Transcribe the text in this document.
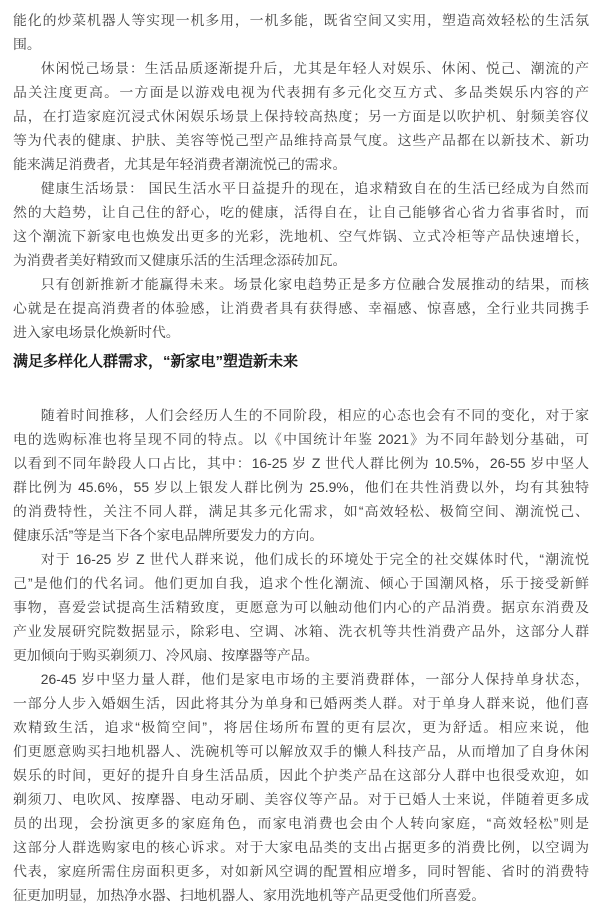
能化的炒菜机器人等实现一机多用，一机多能，既省空间又实用，塑造高效轻松的生活氛
围。
休闲悦己场景：生活品质逐渐提升后，尤其是年轻人对娱乐、休闲、悦己、潮流的产
品关注度更高。一方面是以游戏电视为代表拥有多元化交互方式、多品类娱乐内容的产
品，在打造家庭沉浸式休闲娱乐场景上保持较高热度；另一方面是以吹护机、射频美容仪
等为代表的健康、护肤、美容等悦己型产品维持高景气度。这些产品都在以新技术、新功
能来满足消费者，尤其是年轻消费者潮流悦己的需求。
健康生活场景： 国民生活水平日益提升的现在，追求精致自在的生活已经成为自然而
然的大趋势，让自己住的舒心，吃的健康，活得自在，让自己能够省心省力省事省时，而
这个潮流下新家电也焕发出更多的光彩，洗地机、空气炸锅、立式冷柜等产品快速增长，
为消费者美好精致而又健康乐活的生活理念添砖加瓦。
只有创新推新才能赢得未来。场景化家电趋势正是多方位融合发展推动的结果，而核
心就是在提高消费者的体验感，让消费者具有获得感、幸福感、惊喜感，全行业共同携手
进入家电场景化焕新时代。
满足多样化人群需求，“新家电”塑造新未来
随着时间推移，人们会经历人生的不同阶段，相应的心态也会有不同的变化，对于家
电的选购标准也将呈现不同的特点。以《中国统计年鉴 2021》为不同年龄划分基础，可
以看到不同年龄段人口占比，其中：16-25 岁 Z 世代人群比例为 10.5%，26-55 岁中坚人
群比例为 45.6%，55 岁以上银发人群比例为 25.9%，他们在共性消费以外，均有其独特
的消费特性，关注不同人群，满足其多元化需求，如“高效轻松、极简空间、潮流悦己、
健康乐活”等是当下各个家电品牌所要发力的方向。
对于 16-25 岁 Z 世代人群来说，他们成长的环境处于完全的社交媒体时代，“潮流悦
己”是他们的代名词。他们更加自我，追求个性化潮流、倾心于国潮风格，乐于接受新鲜
事物，喜爱尝试提高生活精致度，更愿意为可以触动他们内心的产品消费。据京东消费及
产业发展研究院数据显示，除彩电、空调、冰箱、洗衣机等共性消费产品外，这部分人群
更加倾向于购买剃须刀、冷风扇、按摩器等产品。
26-45 岁中坚力量人群，他们是家电市场的主要消费群体，一部分人保持单身状态，
一部分人步入婚姻生活，因此将其分为单身和已婚两类人群。对于单身人群来说，他们喜
欢精致生活，追求“极简空间”，将居住场所布置的更有层次，更为舒适。相应来说，他
们更愿意购买扫地机器人、洗碗机等可以解放双手的懒人科技产品，从而增加了自身休闲
娱乐的时间，更好的提升自身生活品质，因此个护类产品在这部分人群中也很受欢迎，如
剃须刀、电吹风、按摩器、电动牙刷、美容仪等产品。对于已婚人士来说，伴随着更多成
员的出现，会扮演更多的家庭角色，而家电消费也会由个人转向家庭，“高效轻松”则是
这部分人群选购家电的核心诉求。对于大家电品类的支出占据更多的消费比例，以空调为
代表，家庭所需住房面积更多，对如新风空调的配置相应增多，同时智能、省时的消费特
征更加明显，加热净水器、扫地机器人、家用洗地机等产品更受他们所喜爱。
